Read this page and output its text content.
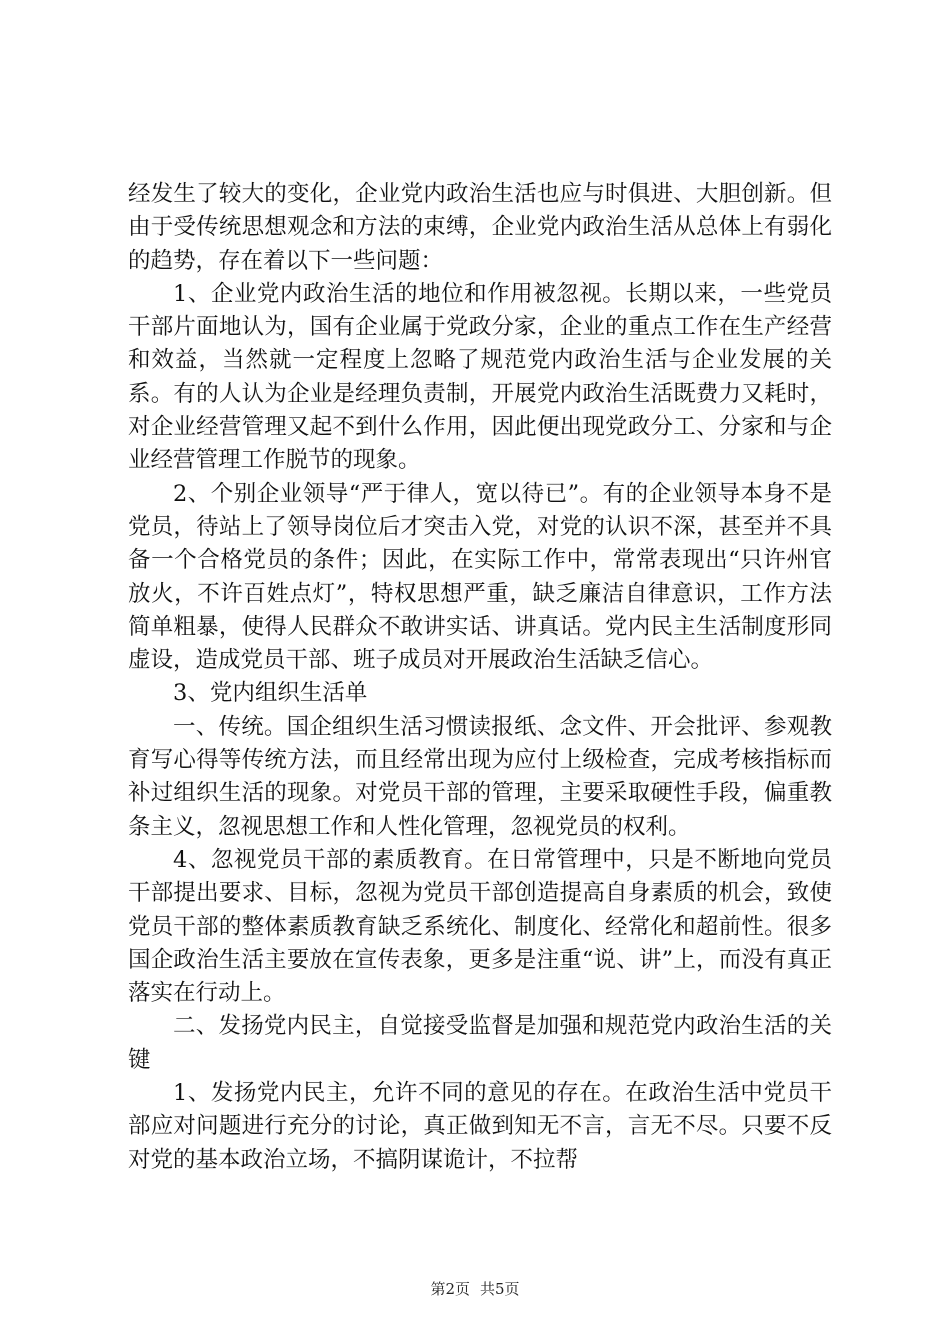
经发生了较大的变化，企业党内政治生活也应与时俱进、大胆创新。但由于受传统思想观念和方法的束缚，企业党内政治生活从总体上有弱化的趋势，存在着以下一些问题：

1、企业党内政治生活的地位和作用被忽视。长期以来，一些党员干部片面地认为，国有企业属于党政分家，企业的重点工作在生产经营和效益，当然就一定程度上忽略了规范党内政治生活与企业发展的关系。有的人认为企业是经理负责制，开展党内政治生活既费力又耗时，对企业经营管理又起不到什么作用，因此便出现党政分工、分家和与企业经营管理工作脱节的现象。

2、个别企业领导“严于律人，宽以待已”。有的企业领导本身不是党员，待站上了领导岗位后才突击入党，对党的认识不深，甚至并不具备一个合格党员的条件；因此，在实际工作中，常常表现出“只许州官放火，不许百姓点灯”，特权思想严重，缺乏廉洁自律意识，工作方法简单粗暴，使得人民群众不敢讲实话、讲真话。党内民主生活制度形同虚设，造成党员干部、班子成员对开展政治生活缺乏信心。

3、党内组织生活单

一、传统。国企组织生活习惯读报纸、念文件、开会批评、参观教育写心得等传统方法，而且经常出现为应付上级检查，完成考核指标而补过组织生活的现象。对党员干部的管理，主要采取硬性手段，偏重教条主义，忽视思想工作和人性化管理，忽视党员的权利。

4、忽视党员干部的素质教育。在日常管理中，只是不断地向党员干部提出要求、目标，忽视为党员干部创造提高自身素质的机会，致使党员干部的整体素质教育缺乏系统化、制度化、经常化和超前性。很多国企政治生活主要放在宣传表象，更多是注重“说、讲”上，而没有真正落实在行动上。

二、发扬党内民主，自觉接受监督是加强和规范党内政治生活的关键

1、发扬党内民主，允许不同的意见的存在。在政治生活中党员干部应对问题进行充分的讨论，真正做到知无不言，言无不尽。只要不反对党的基本政治立场，不搞阴谋诡计，不拉帮

第2页 共5页
